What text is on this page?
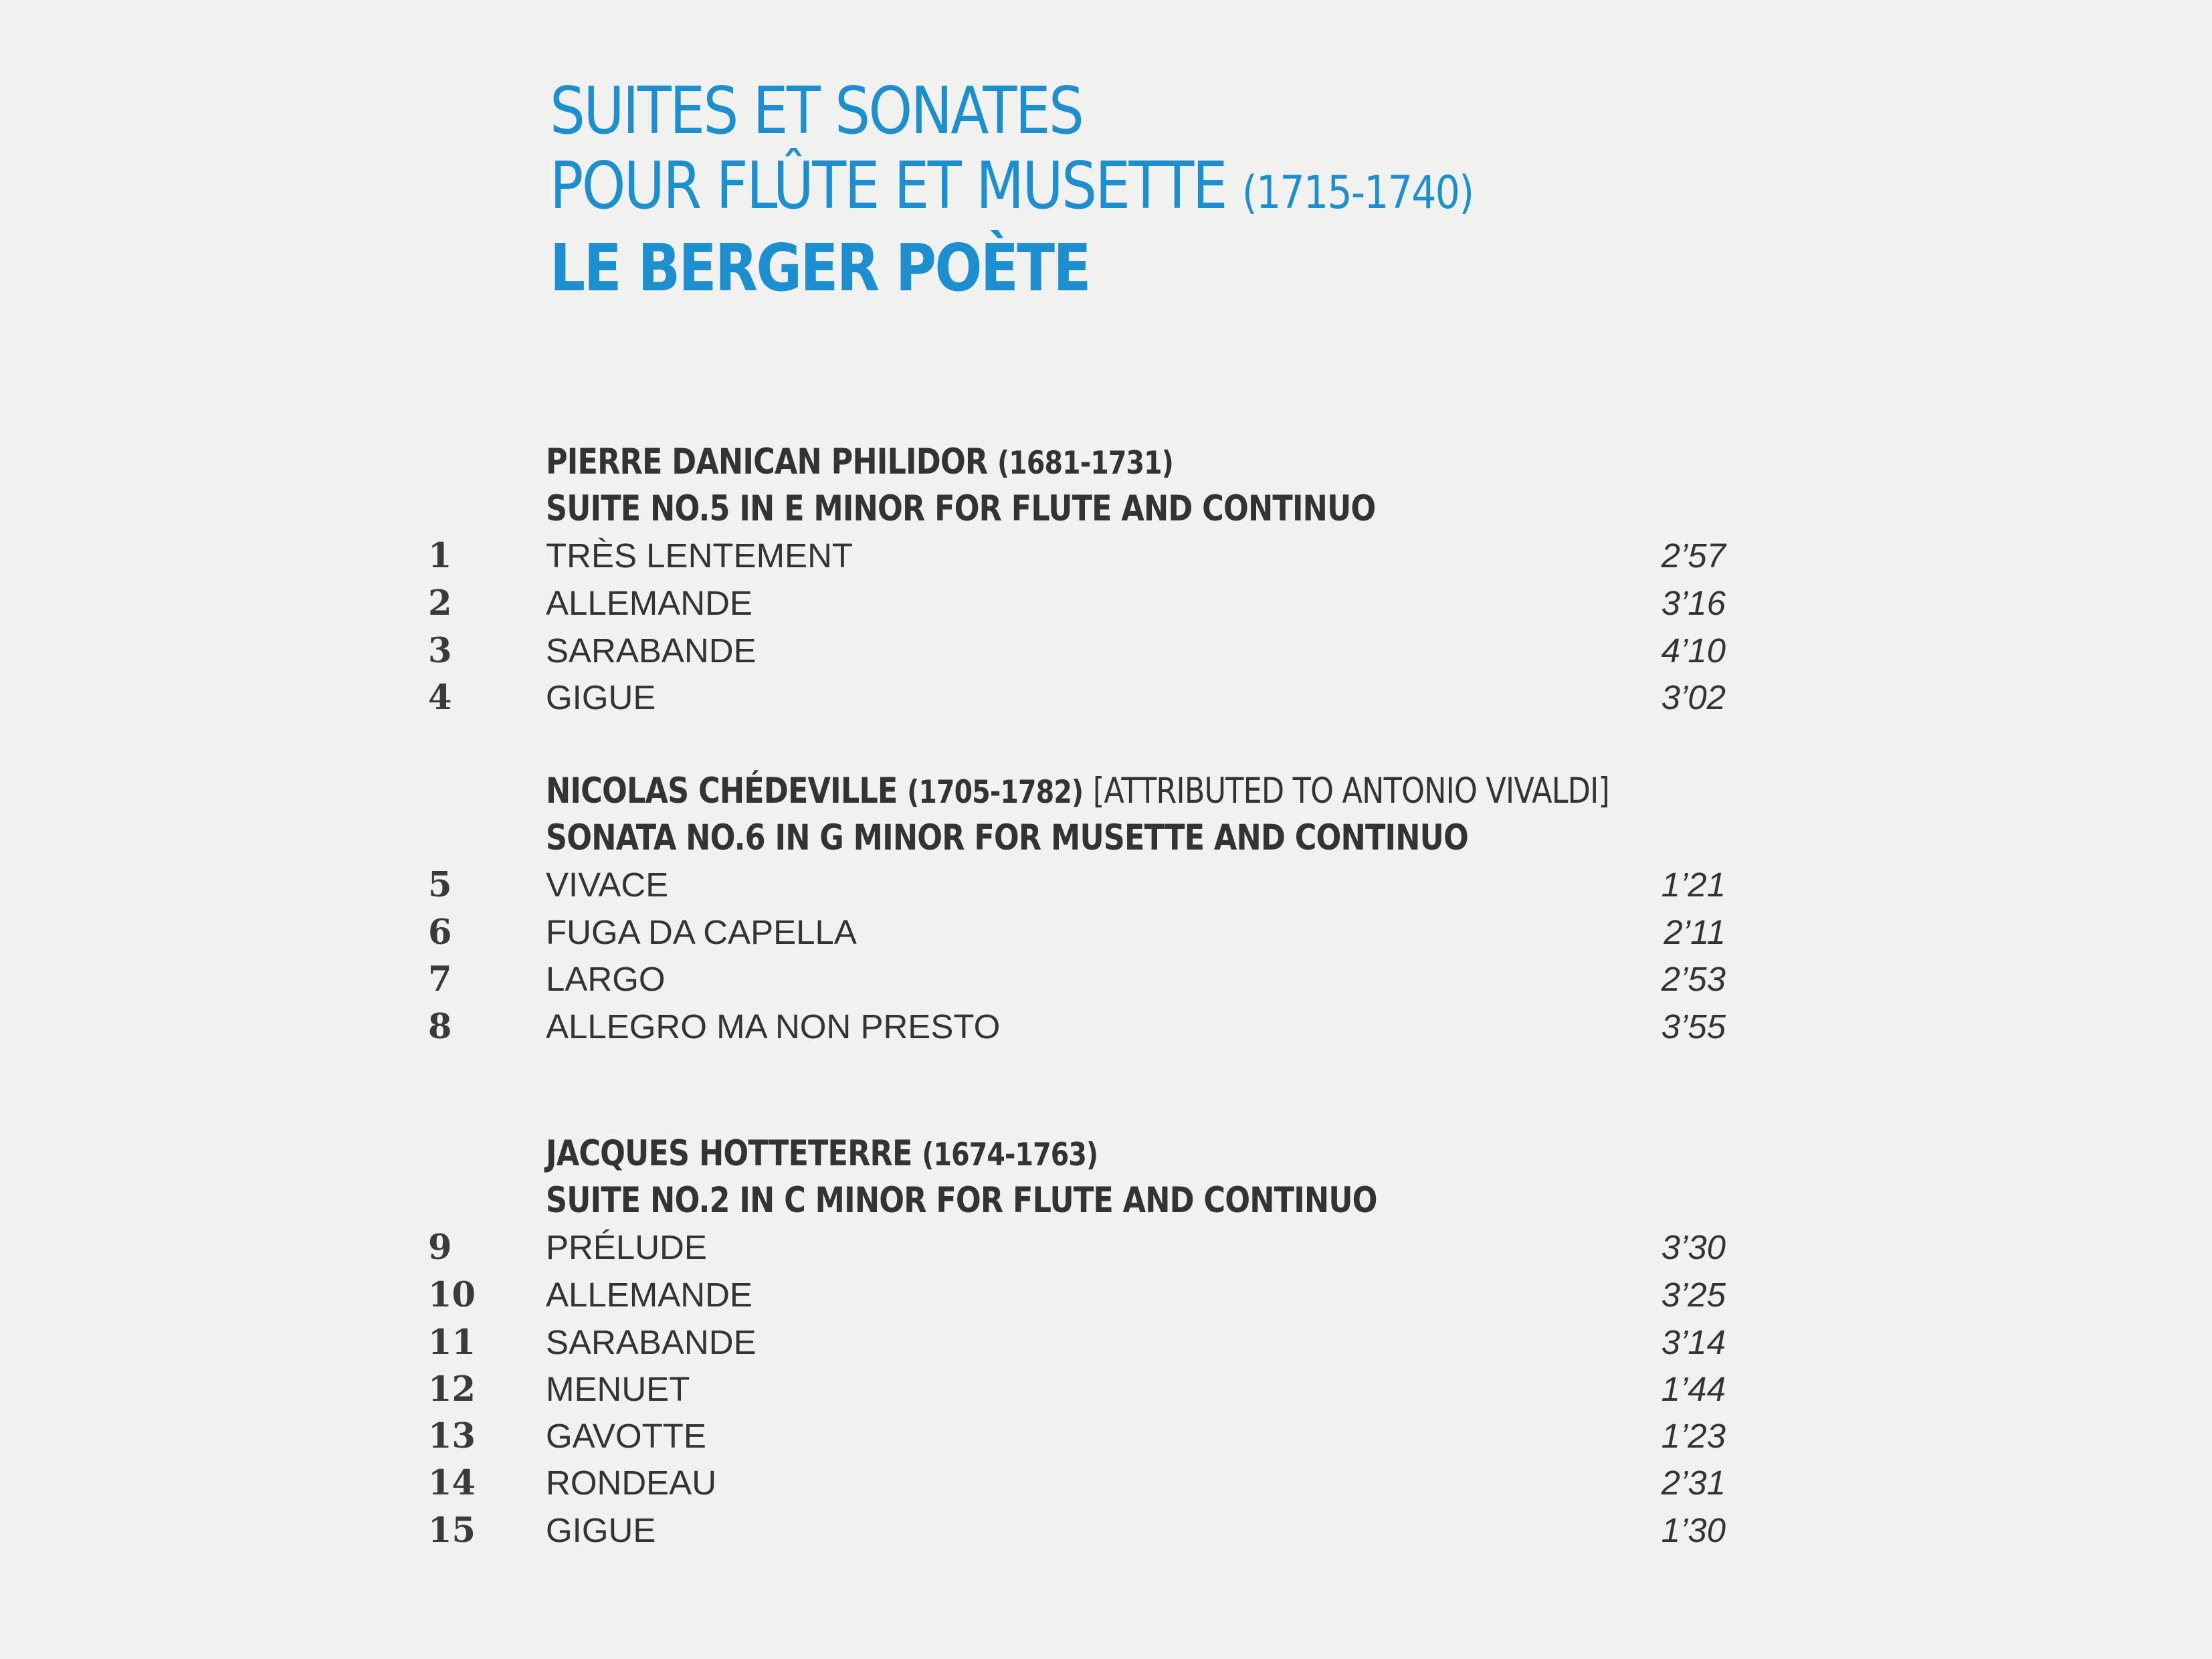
SUITES ET SONATES
POUR FLÛTE ET MUSETTE (1715-1740)
LE BERGER POÈTE
PIERRE DANICAN PHILIDOR (1681-1731)
SUITE NO.5 IN E MINOR FOR FLUTE AND CONTINUO
1	TRÈS LENTEMENT	2’57
2	ALLEMANDE	3’16
3	SARABANDE	4’10
4	GIGUE	3’02
NICOLAS CHÉDEVILLE (1705-1782) [ATTRIBUTED TO ANTONIO VIVALDI]
SONATA NO.6 IN G MINOR FOR MUSETTE AND CONTINUO
5	VIVACE	1’21
6	FUGA DA CAPELLA	2’11
7	LARGO	2’53
8	ALLEGRO MA NON PRESTO	3’55
JACQUES HOTTETERRE (1674-1763)
SUITE NO.2 IN C MINOR FOR FLUTE AND CONTINUO
9	PRÉLUDE	3’30
10	ALLEMANDE	3’25
11	SARABANDE	3’14
12	MENUET	1’44
13	GAVOTTE	1’23
14	RONDEAU	2’31
15	GIGUE	1’30
